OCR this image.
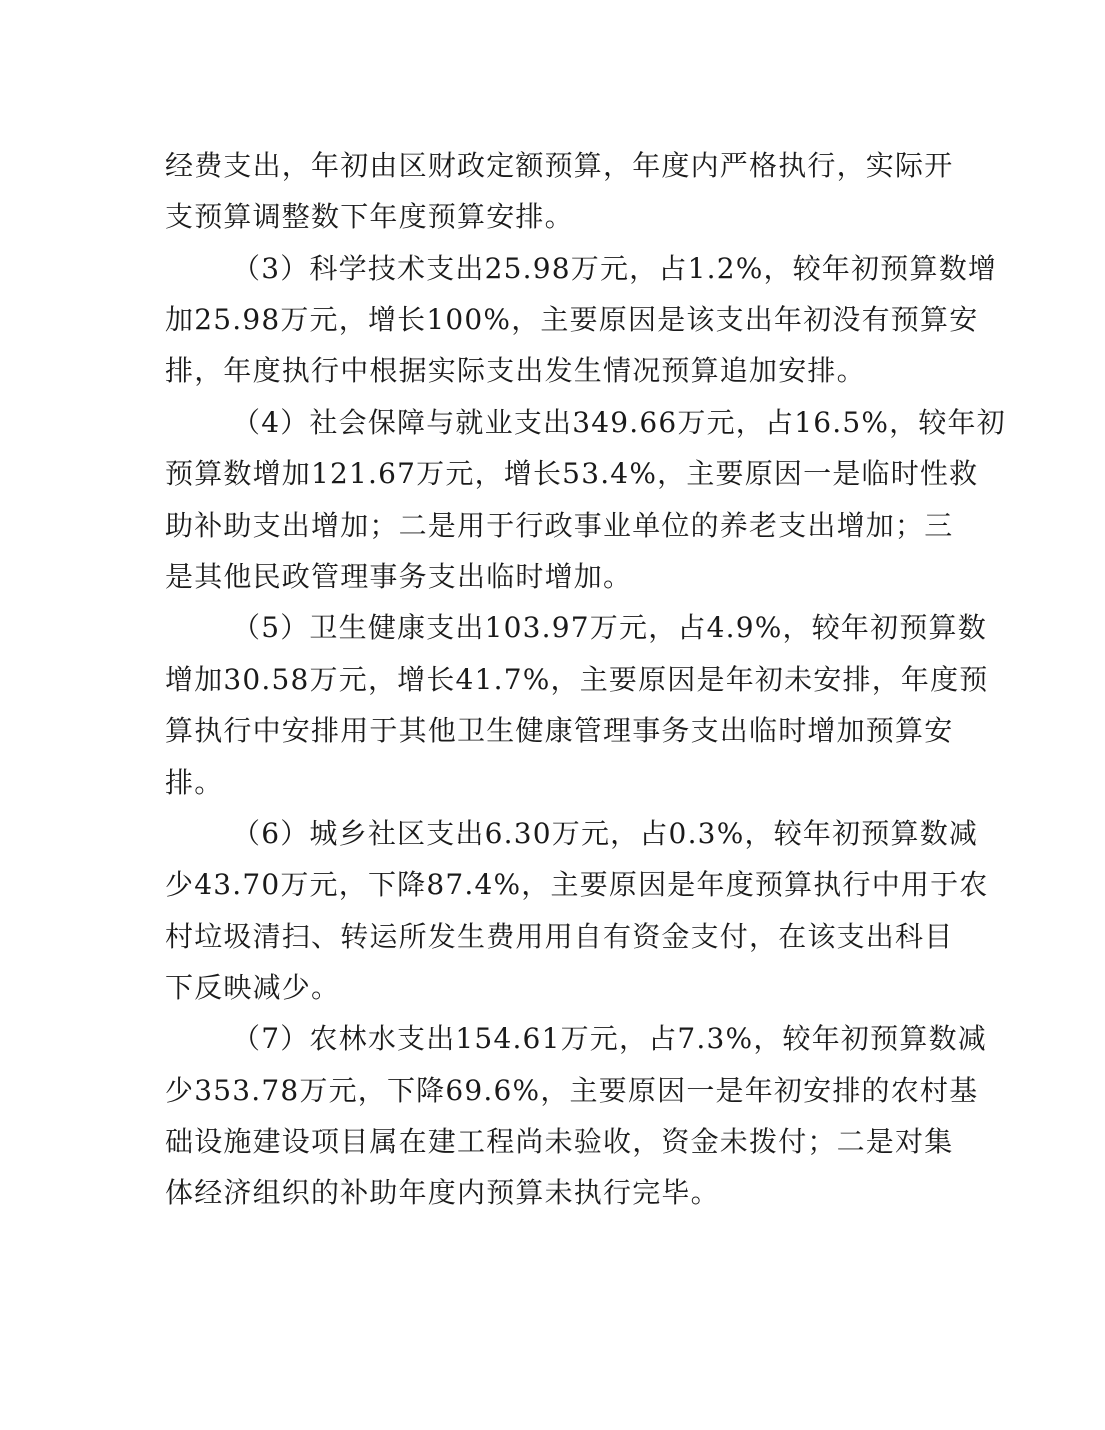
经费支出，年初由区财政定额预算，年度内严格执行，实际开
支预算调整数下年度预算安排。
（3）科学技术支出25.98万元，占1.2%，较年初预算数增
加25.98万元，增长100%，主要原因是该支出年初没有预算安
排，年度执行中根据实际支出发生情况预算追加安排。
（4）社会保障与就业支出349.66万元，占16.5%，较年初
预算数增加121.67万元，增长53.4%，主要原因一是临时性救
助补助支出增加；二是用于行政事业单位的养老支出增加；三
是其他民政管理事务支出临时增加。
（5）卫生健康支出103.97万元，占4.9%，较年初预算数
增加30.58万元，增长41.7%，主要原因是年初未安排，年度预
算执行中安排用于其他卫生健康管理事务支出临时增加预算安
排。
（6）城乡社区支出6.30万元，占0.3%，较年初预算数减
少43.70万元，下降87.4%，主要原因是年度预算执行中用于农
村垃圾清扫、转运所发生费用用自有资金支付，在该支出科目
下反映减少。
（7）农林水支出154.61万元，占7.3%，较年初预算数减
少353.78万元，下降69.6%，主要原因一是年初安排的农村基
础设施建设项目属在建工程尚未验收，资金未拨付；二是对集
体经济组织的补助年度内预算未执行完毕。
